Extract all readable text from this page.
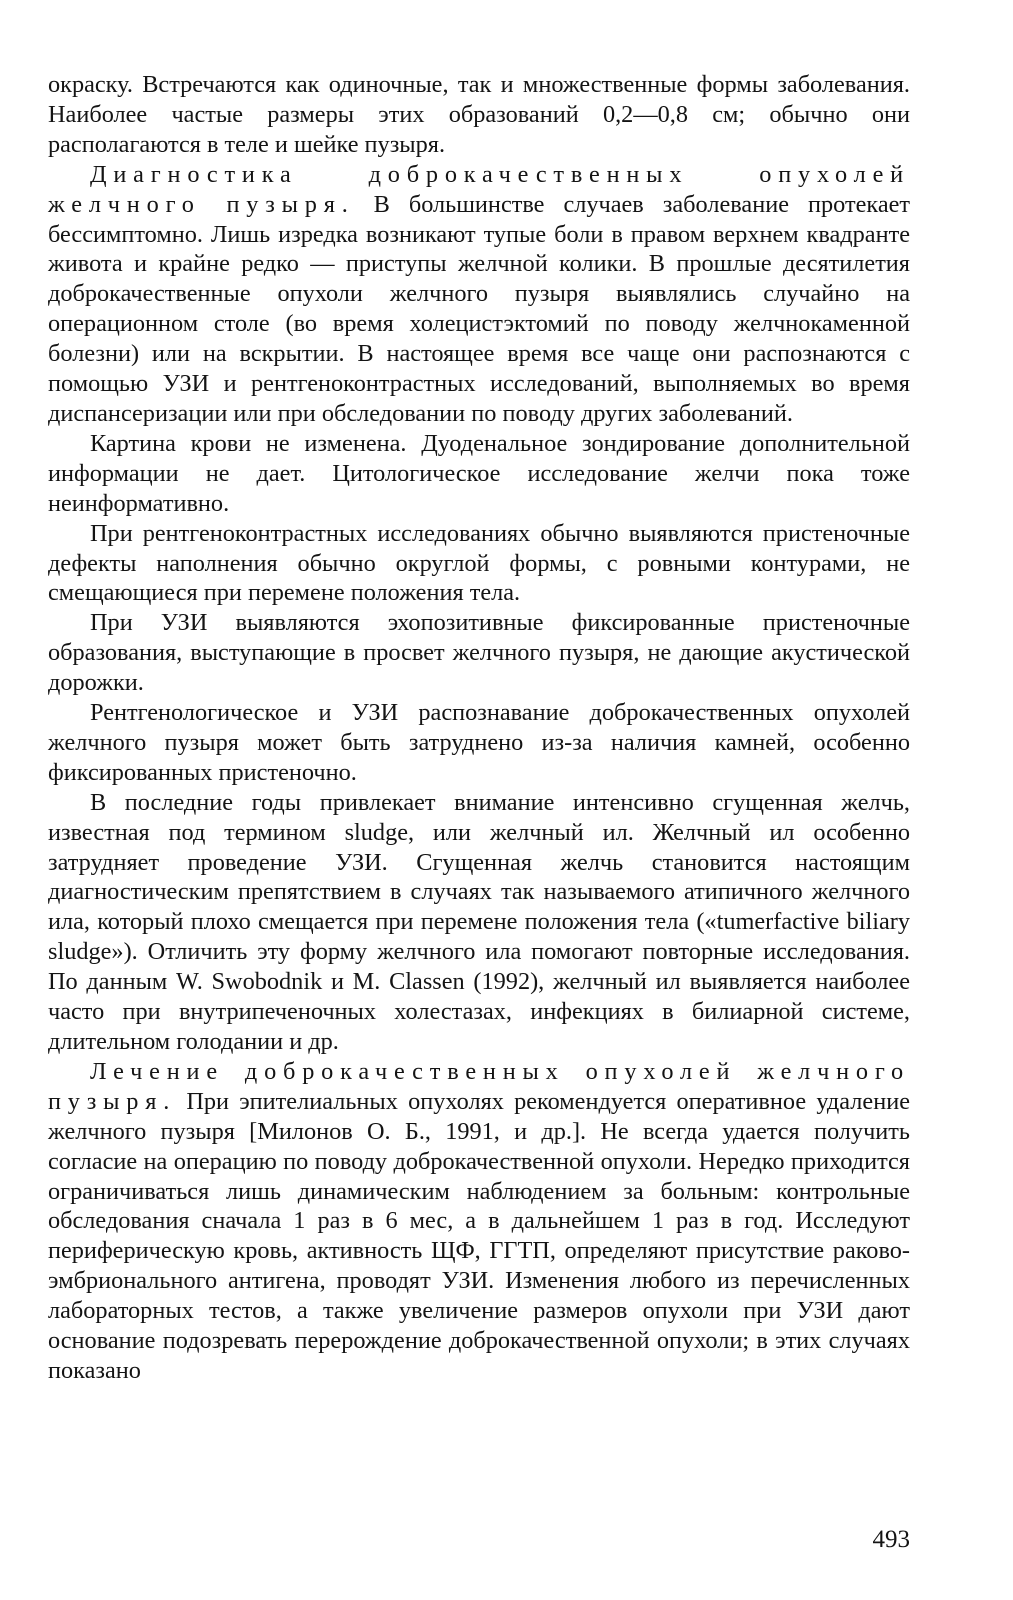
окраску. Встречаются как одиночные, так и множественные формы заболевания. Наиболее частые размеры этих образований 0,2—0,8 см; обычно они располагаются в теле и шейке пузыря.

Диагностика доброкачественных опухолей желчного пузыря. В большинстве случаев заболевание протекает бессимптомно. Лишь изредка возникают тупые боли в правом верхнем квадранте живота и крайне редко — приступы желчной колики. В прошлые десятилетия доброкачественные опухоли желчного пузыря выявлялись случайно на операционном столе (во время холецистэктомий по поводу желчнокаменной болезни) или на вскрытии. В настоящее время все чаще они распознаются с помощью УЗИ и рентгеноконтрастных исследований, выполняемых во время диспансеризации или при обследовании по поводу других заболеваний.

Картина крови не изменена. Дуоденальное зондирование дополнительной информации не дает. Цитологическое исследование желчи пока тоже неинформативно.

При рентгеноконтрастных исследованиях обычно выявляются пристеночные дефекты наполнения обычно округлой формы, с ровными контурами, не смещающиеся при перемене положения тела.

При УЗИ выявляются эхопозитивные фиксированные пристеночные образования, выступающие в просвет желчного пузыря, не дающие акустической дорожки.

Рентгенологическое и УЗИ распознавание доброкачественных опухолей желчного пузыря может быть затруднено из-за наличия камней, особенно фиксированных пристеночно.

В последние годы привлекает внимание интенсивно сгущенная желчь, известная под термином sludge, или желчный ил. Желчный ил особенно затрудняет проведение УЗИ. Сгущенная желчь становится настоящим диагностическим препятствием в случаях так называемого атипичного желчного ила, который плохо смещается при перемене положения тела («tumerfactive biliary sludge»). Отличить эту форму желчного ила помогают повторные исследования. По данным W. Swobodnik и M. Classen (1992), желчный ил выявляется наиболее часто при внутрипеченочных холестазах, инфекциях в билиарной системе, длительном голодании и др.

Лечение доброкачественных опухолей желчного пузыря. При эпителиальных опухолях рекомендуется оперативное удаление желчного пузыря [Милонов О. Б., 1991, и др.]. Не всегда удается получить согласие на операцию по поводу доброкачественной опухоли. Нередко приходится ограничиваться лишь динамическим наблюдением за больным: контрольные обследования сначала 1 раз в 6 мес, а в дальнейшем 1 раз в год. Исследуют периферическую кровь, активность ЩФ, ГГТП, определяют присутствие раково-эмбрионального антигена, проводят УЗИ. Изменения любого из перечисленных лабораторных тестов, а также увеличение размеров опухоли при УЗИ дают основание подозревать перерождение доброкачественной опухоли; в этих случаях показано

493
